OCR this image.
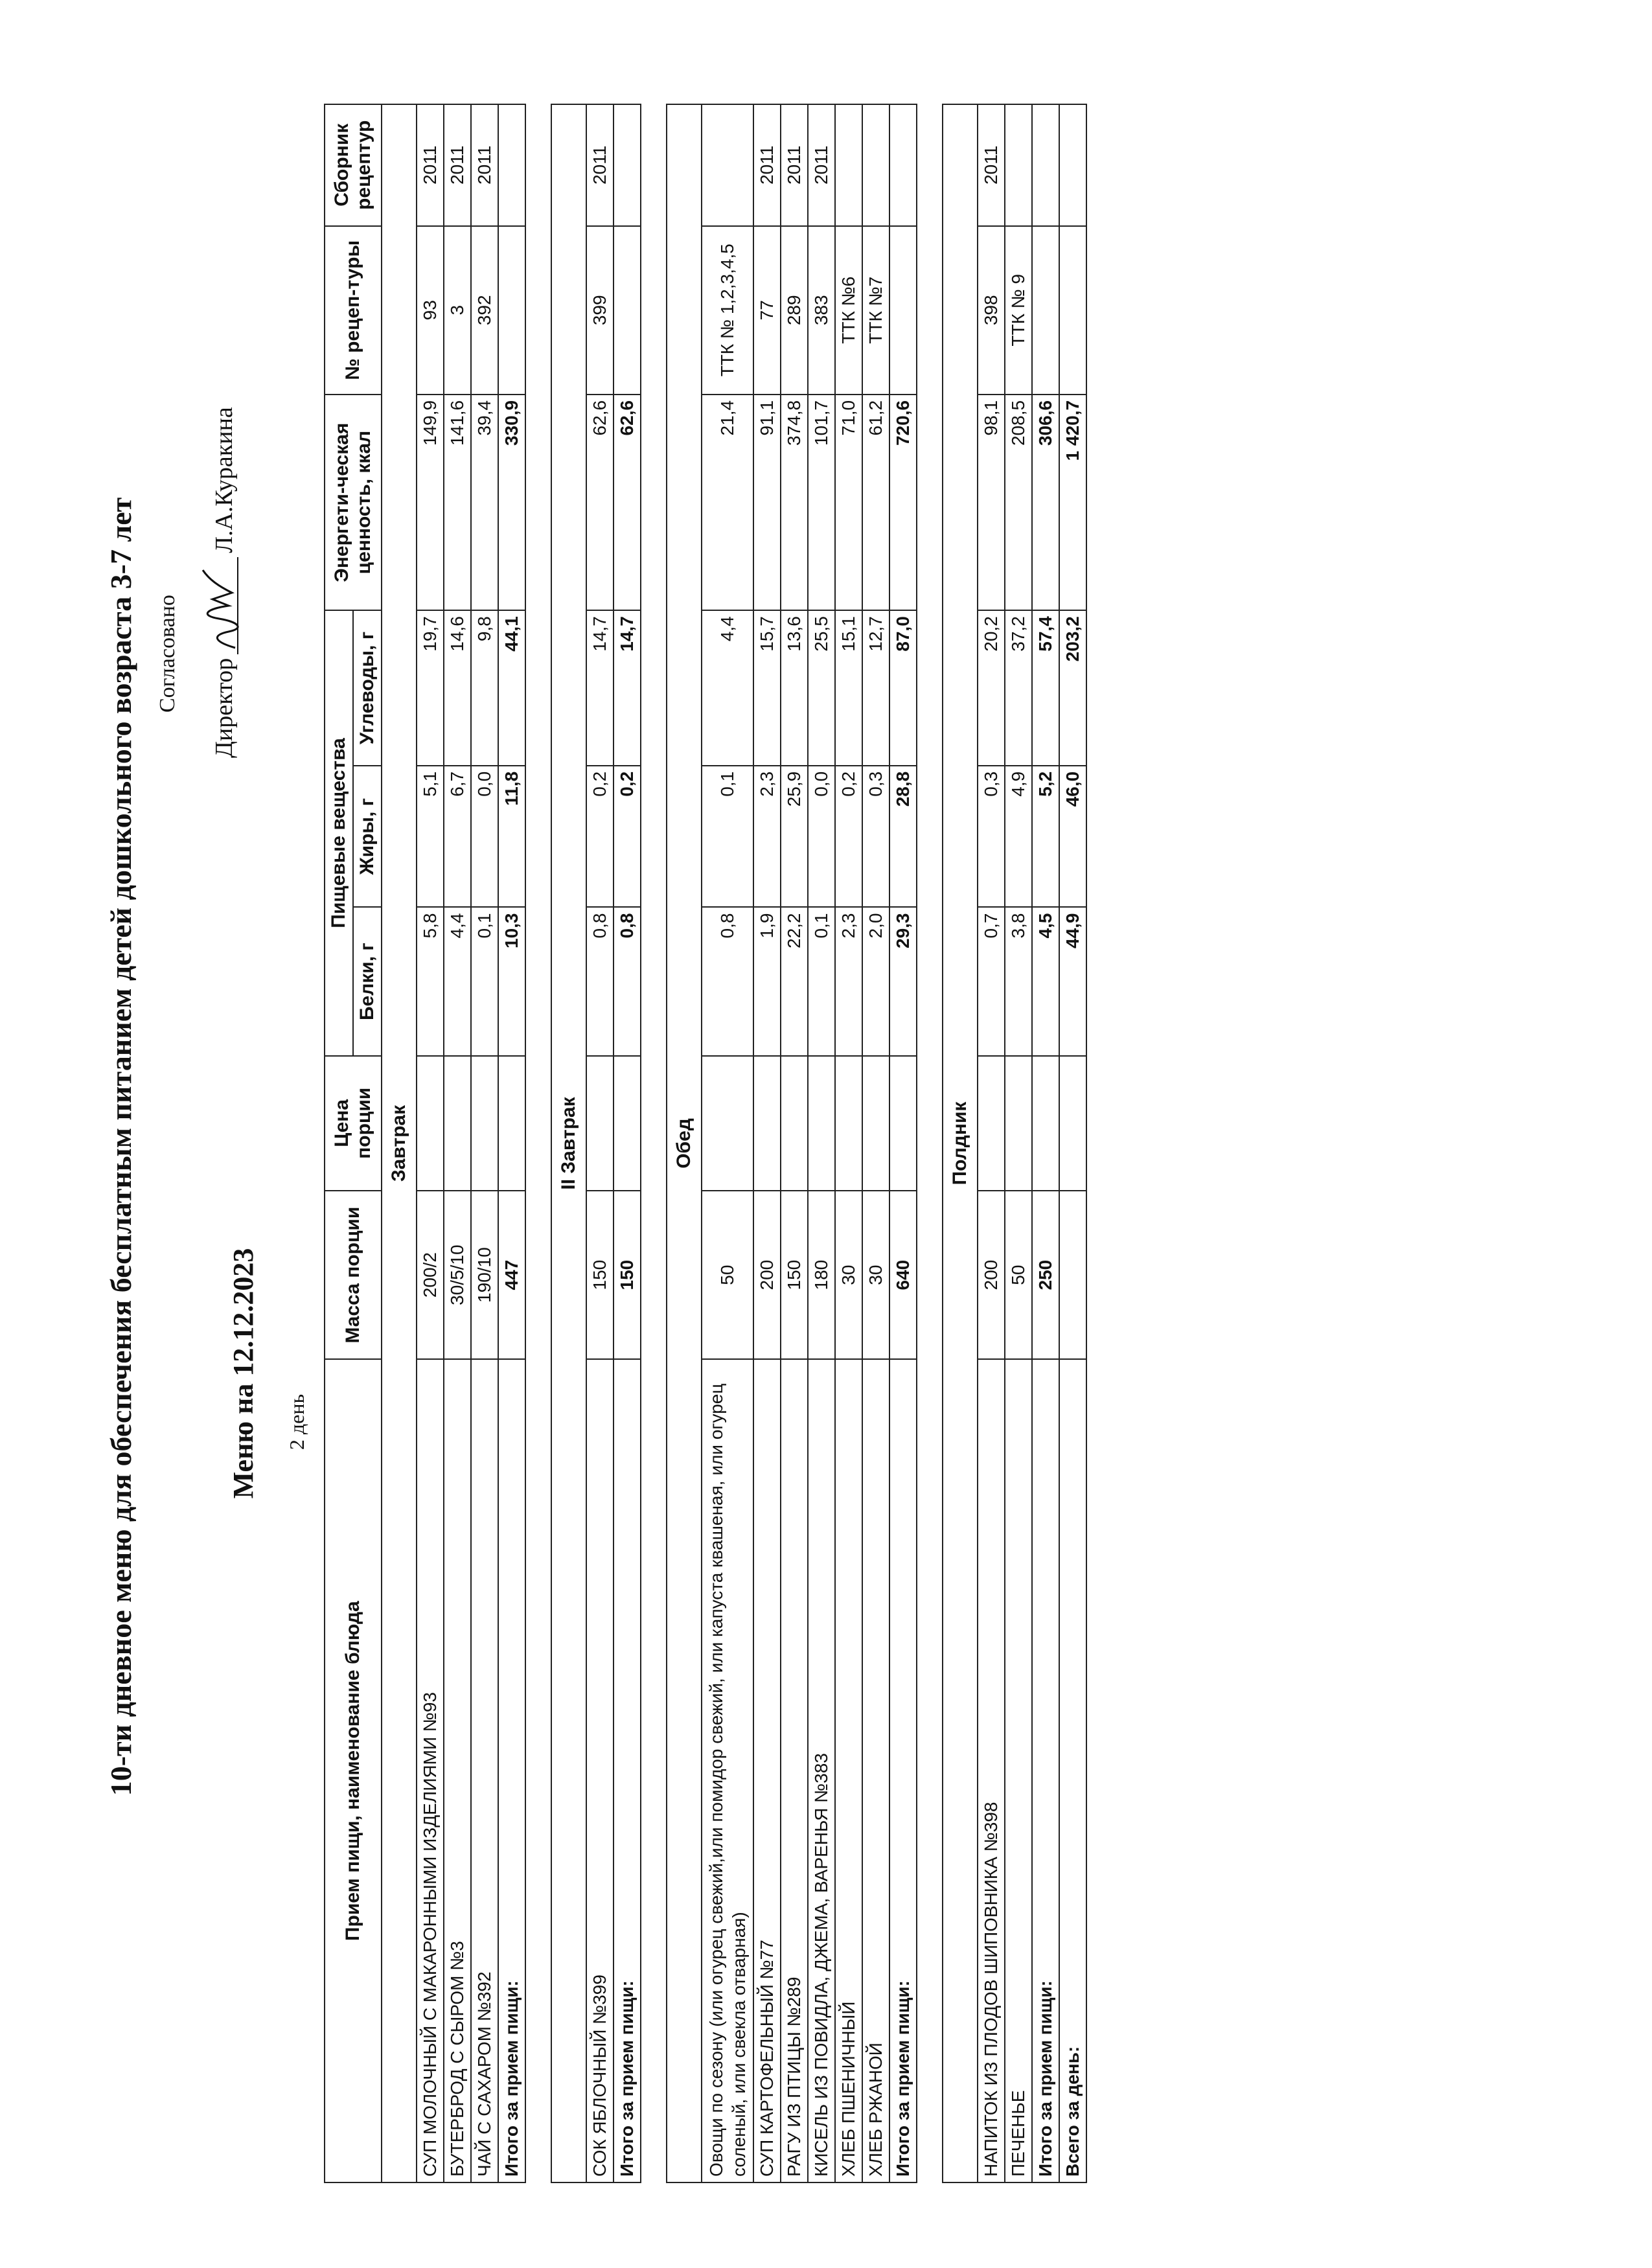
10-ти дневное меню для обеспечения бесплатным питанием детей дошкольного возраста 3-7 лет Согласовано Директор
Л.А.Куракина
Меню на 12.12.2023 2 день
Прием пищи, наименование блюда	Масса порции	Цена порции	Пищевые вещества			Энергети-ческая ценность, ккал	№ рецеп-туры	Сборник рецептур
			Белки, г	Жиры, г	Углеводы, г			
Завтрак								
СУП МОЛОЧНЫЙ С МАКАРОННЫМИ ИЗДЕЛИЯМИ №93	200/2		5,8	5,1	19,7	149,9	93	2011
БУТЕРБРОД С СЫРОМ №3	30/5/10		4,4	6,7	14,6	141,6	3	2011
ЧАЙ С САХАРОМ №392	190/10		0,1	0,0	9,8	39,4	392	2011
Итого за прием пищи:	447		10,3	11,8	44,1	330,9		

II Завтрак								
СОК ЯБЛОЧНЫЙ №399	150		0,8	0,2	14,7	62,6	399	2011
Итого за прием пищи:	150		0,8	0,2	14,7	62,6		

Обед								
Овощи по сезону (или огурец свежий,или помидор свежий, или капуста квашеная, или огурец соленый, или свекла отварная)	50		0,8	0,1	4,4	21,4	ТТК № 1,2,3,4,5	
СУП КАРТОФЕЛЬНЫЙ №77	200		1,9	2,3	15,7	91,1	77	2011
РАГУ ИЗ ПТИЦЫ №289	150		22,2	25,9	13,6	374,8	289	2011
КИСЕЛЬ ИЗ ПОВИДЛА, ДЖЕМА, ВАРЕНЬЯ №383	180		0,1	0,0	25,5	101,7	383	2011
ХЛЕБ ПШЕНИЧНЫЙ	30		2,3	0,2	15,1	71,0	ТТК №6	
ХЛЕБ РЖАНОЙ	30		2,0	0,3	12,7	61,2	ТТК №7	
Итого за прием пищи:	640		29,3	28,8	87,0	720,6		

Полдник								
НАПИТОК ИЗ ПЛОДОВ ШИПОВНИКА №398	200		0,7	0,3	20,2	98,1	398	2011
ПЕЧЕНЬЕ	50		3,8	4,9	37,2	208,5	ТТК № 9	
Итого за прием пищи:	250		4,5	5,2	57,4	306,6		
Всего за день:			44,9	46,0	203,2	1 420,7		
